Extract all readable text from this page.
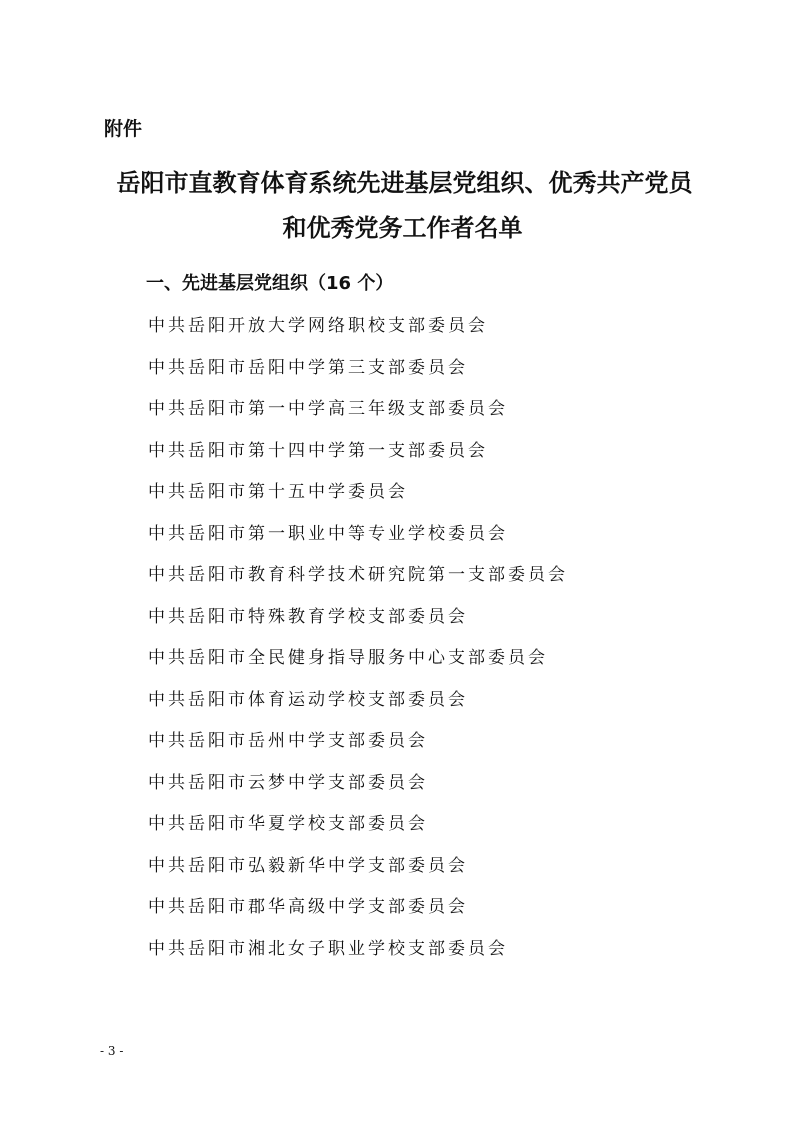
附件
岳阳市直教育体育系统先进基层党组织、优秀共产党员
和优秀党务工作者名单
一、先进基层党组织（16 个）
中共岳阳开放大学网络职校支部委员会
中共岳阳市岳阳中学第三支部委员会
中共岳阳市第一中学高三年级支部委员会
中共岳阳市第十四中学第一支部委员会
中共岳阳市第十五中学委员会
中共岳阳市第一职业中等专业学校委员会
中共岳阳市教育科学技术研究院第一支部委员会
中共岳阳市特殊教育学校支部委员会
中共岳阳市全民健身指导服务中心支部委员会
中共岳阳市体育运动学校支部委员会
中共岳阳市岳州中学支部委员会
中共岳阳市云梦中学支部委员会
中共岳阳市华夏学校支部委员会
中共岳阳市弘毅新华中学支部委员会
中共岳阳市郡华高级中学支部委员会
中共岳阳市湘北女子职业学校支部委员会
- 3 -
